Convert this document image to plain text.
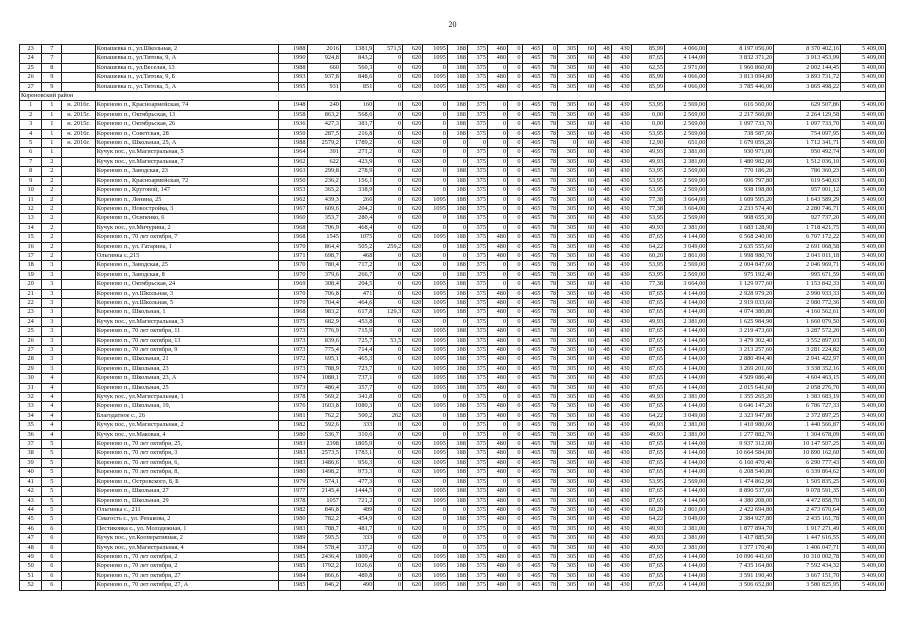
20
23	7		Копашевка п., ул.Школьная, 2	1988	2016	1381,9	571,5	620	1095	188	375	480	0	465	0	305	60	48	430	85,99	4 066,00	8 197 056,00	8 370 402,16	5 409,00
24	7		Копашевка п., ул.Титова, 9, А	1990	924,8	843,2	0	620	1095	188	375	480	0	465	78	305	60	48	430	87,65	4 144,00	3 832 371,20	3 913 453,99	5 409,00
25	8		Копашевка п., ул.Веселая, 13	1988	660	560,3	0	620	0	188	375	0	0	465	78	305	60	48	430	62,55	2 971,00	1 960 860,00	2 002 144,45	5 409,00
26	9		Копашевка п., ул.Титова, 9, Б	1993	937,8	848,6	0	620	1095	188	375	480	0	465	78	305	60	48	430	85,99	4 066,00	3 813 094,80	3 893 731,72	5 409,00
27	9		Копашевка п., ул.Титова, 5, А	1995	931	851	0	620	1095	188	375	480	0	465	78	305	60	48	430	85,99	4 066,00	3 785 446,00	3 865 498,22	5 409,00
Кореновский район																								
1	1	н. 2016г.	Кореново п., Красноармейская, 74	1948	240	160	0	620	0	188	375	0	0	465	78	305	60	48	430	53,95	2 569,00	616 560,00	629 507,86	5 409,00
2	1	н. 2015г.	Кореново п., Октябрьская, 13	1958	863,2	568,6	0	620	0	188	375	0	0	465	78	305	60	48	430	0,00	2 569,00	2 217 560,80	2 264 129,58	5 409,00
3	1	н. 2015г.	Кореново п., Октябрьская, 26	1936	427,3	381,7	0	620	0	188	375	0	0	465	78	305	60	48	430	0,00	2 569,00	1 097 733,70	1 097 733,70	5 409,00
4	1	н. 2016г.	Кореново п., Советская, 28	1950	287,5	216,8	0	620	0	188	375	0	0	465	78	305	60	48	430	53,95	2 569,00	738 587,50	754 097,95	5 409,00
5	1	н. 2016г.	Кореново п., Школьная, 25, А	1988	2579,2	1789,2	0	620	0	0	0	0	0	465	78	0	60	48	430	12,90	651,00	1 679 059,20	1 712 341,71	5 409,00
6	1		Кучук пос., ул.Магистральная, 5	1964	391	271,2	0	620	0	0	375	0	0	465	78	305	60	48	430	49,93	2 381,00	930 971,00	950 492,74	5 409,00
7	2		Кучук пос., ул.Магистральная, 7	1962	622	423,9	0	620	0	0	375	0	0	465	78	305	60	48	430	49,93	2 381,00	1 480 982,00	1 512 036,10	5 409,00
8	2		Кореново п., Заводская, 23	1963	299,8	278,9	0	620	0	188	375	0	0	465	78	305	60	48	430	53,95	2 569,00	770 186,20	786 360,23	5 409,00
9	2		Кореново п., Красноармейская, 72	1950	236,2	156,1	0	620	0	188	375	0	0	465	78	305	60	48	430	53,95	2 569,00	606 797,80	619 540,63	5 409,00
10	2		Кореново п., Круговой, 147	1953	365,2	338,9	0	620	0	188	375	0	0	465	78	305	60	48	430	53,95	2 569,00	938 198,80	957 901,12	5 409,00
11	2		Кореново п., Ленина, 25	1962	439,3	266	0	620	1095	188	375	0	0	465	78	305	60	48	430	77,38	3 664,00	1 609 595,20	1 643 589,29	5 409,00
12	2		Кореново п., Новостройка, 3	1967	609,6	204,2	0	620	1095	188	375	0	0	465	78	305	60	48	430	77,38	3 664,00	2 233 574,40	2 280 746,71	5 409,00
13	2		Кореново п., Осипенко, 6	1960	353,7	280,4	0	620	0	188	375	0	0	465	78	305	60	48	430	53,95	2 569,00	908 655,30	927 737,20	5 409,00
14	2		Кучук пос., ул.Мичурина, 2	1968	706,9	468,4	0	620	0	0	375	0	0	465	78	305	60	48	430	49,93	2 381,00	1 683 128,90	1 718 421,75	5 409,00
15	2		Кореново п., 70 лет октября, 7	1968	1545	1075	0	620	1095	188	375	480	0	465	78	305	60	48	430	87,65	4 144,00	6 568 240,00	6 707 172,22	5 409,00
16	2		Кореново п., ул. Гагарина, 1	1970	864,4	505,2	259,2	620	0	188	375	480	0	465	78	305	60	48	430	64,22	3 049,00	2 635 555,60	2 691 068,58	5 409,00
17	2		Ольгинка с.,215	1971	698,7	468	0	620	0	0	375	480	0	465	78	305	60	48	430	60,20	2 861,00	1 998 980,70	2 041 011,18	5 409,00
18	3		Кореново п., Заводская, 25	1970	780,4	717,2	0	620	0	188	375	0	0	465	78	305	60	48	430	53,95	2 569,00	2 004 847,60	2 046 969,71	5 409,00
19	3		Кореново п., Заводская, 8	1970	379,6	266,7	0	620	0	188	375	0	0	465	78	305	60	48	430	53,95	2 569,00	975 192,40	995 671,59	5 409,00
20	3		Кореново п., Октябрьская, 24	1969	308,4	204,5	0	620	1095	188	375	0	0	465	78	305	60	48	430	77,38	3 664,00	1 129 977,60	1 153 842,33	5 409,00
21	3		Кореново п., ул.Школьная, 3	1970	706,8	471	0	620	1095	188	375	480	0	465	78	305	60	48	430	87,65	4 144,00	2 928 979,20	2 990 933,33	5 409,00
22	3		Кореново п., ул.Школьная, 5	1970	704,4	464,6	0	620	1095	188	375	480	0	465	78	305	60	48	430	87,65	4 144,00	2 919 033,60	2 980 772,36	5 409,00
23	3		Кореново п., Школьная, 1	1968	983,2	617,8	129,3	620	1095	188	375	480	0	465	78	305	60	48	430	87,65	4 144,00	4 074 380,80	4 160 562,61	5 409,00
24	3		Кучук пос., ул.Магистральная, 3	1975	682,9	453,8	0	620	0	0	375	0	0	465	78	305	60	48	430	49,93	2 381,00	1 625 984,90	1 660 079,50	5 409,00
25	3		Кореново п., 70 лет октября, 11	1973	776,9	715,9	0	620	1095	188	375	480	0	465	78	305	60	48	430	87,65	4 144,00	3 219 473,60	3 287 572,20	5 409,00
26	3		Кореново п., 70 лет октября, 13	1973	839,6	725,7	53,5	620	1095	188	375	480	0	465	78	305	60	48	430	87,65	4 144,00	3 479 302,40	3 552 897,03	5 409,00
27	3		Кореново п., 70 лет октября, 9	1973	775,4	714,4	0	620	1095	188	375	480	0	465	78	305	60	48	430	87,65	4 144,00	3 213 257,60	3 281 224,82	5 409,00
28	3		Кореново п., Школьная, 21	1972	695,1	465,3	0	620	1095	188	375	480	0	465	78	305	60	48	430	87,65	4 144,00	2 880 494,40	2 941 422,97	5 409,00
29	3		Кореново п., Школьная, 23	1973	788,9	723,7	0	620	1095	188	375	480	0	465	78	305	60	48	430	87,65	4 144,00	3 269 201,60	3 338 352,16	5 409,00
30	4		Кореново п., Школьная, 23, А	1974	1088,1	737,1	0	620	1095	188	375	480	0	465	78	305	60	48	430	87,65	4 144,00	4 509 086,40	4 604 463,15	5 409,00
31	4		Кореново п., Школьная, 25	1973	486,4	357,7	0	620	1095	188	375	480	0	465	78	305	60	48	430	87,65	4 144,00	2 015 641,60	2 058 276,70	5 409,00
32	4		Кучук пос., ул.Магистральная, 1	1978	569,2	341,8	0	620	0	0	375	0	0	465	78	305	60	48	430	49,93	2 381,00	1 355 265,20	1 383 683,19	5 409,00
33	4		Кореново п., Школьная, 19,	1976	1603,8	1080,3	0	620	1095	188	375	480	0	465	78	305	60	48	430	87,65	4 144,00	6 646 147,20	6 786 727,33	5 409,00
34	4		Благодатное с., 26	1981	762,2	500,2	262	620	0	188	375	480	0	465	78	305	60	48	430	64,22	3 049,00	2 323 947,80	2 372 897,25	5 409,00
35	4		Кучук пос., ул.Магистральная, 2	1982	592,6	333	0	620	0	0	375	0	0	465	78	305	60	48	430	49,93	2 381,00	1 410 980,60	1 440 566,87	5 409,00
36	4		Кучук пос., ул.Маковая, 4	1980	536,7	310,6	0	620	0	0	375	0	0	465	78	305	60	48	430	49,93	2 381,00	1 277 882,70	1 304 678,09	5 409,00
37	5		Кореново п., 70 лет октября, 25,	1983	2398	1805,9	0	620	1095	188	375	480	0	465	78	305	60	48	430	87,65	4 144,00	9 937 312,00	10 147 507,25	5 409,00
38	5		Кореново п., 70 лет октября, 3	1983	2573,5	1783,1	0	620	1095	188	375	480	0	465	78	305	60	48	430	87,65	4 144,00	10 664 584,00	10 890 162,60	5 409,00
39	5		Кореново п., 70 лет октября, 6,	1983	1486,6	956,3	0	620	1095	188	375	480	0	465	78	305	60	48	430	87,65	4 144,00	6 160 470,40	6 290 777,43	5 409,00
40	5		Кореново п., 70 лет октября, 8,	1980	1498,2	973,3	0	620	1095	188	375	480	0	465	78	305	60	48	430	87,65	4 144,00	6 208 540,80	6 339 864,62	5 409,00
41	5		Кореново п., Островского, 8, Б	1979	574,1	477,3	0	620	0	188	375	0	0	465	78	305	60	48	430	53,95	2 569,00	1 474 862,90	1 505 835,25	5 409,00
42	5		Кореново п., Школьная, 27	1977	2145,4	1444,5	0	620	1095	188	375	480	0	465	78	305	60	48	430	87,65	4 144,00	8 890 537,60	9 078 591,35	5 409,00
43	5		Кореново п., Школьная, 29	1978	1057	721,2	0	620	1095	188	375	480	0	465	78	305	60	48	430	87,65	4 144,00	4 380 208,00	4 472 858,70	5 409,00
44	5		Ольгинка с., 211	1982	846,8	489	0	620	0	0	375	480	0	465	78	305	60	48	430	60,20	2 861,00	2 422 694,80	2 473 670,64	5 409,00
45	5		Смагость с., ул. Репакова, 2	1980	782,2	454,9	0	620	0	188	375	480	0	465	78	305	60	48	430	64,22	3 049,00	2 384 927,80	2 435 161,78	5 409,00
46	6		Пестиковка с., ул. Молодежная, 1	1983	788,7	481,7	0	620	0	0	375	0	0	465	78	305	60	48	430	49,93	2 381,00	1 877 894,70	1 917 271,49	5 409,00
47	6		Кучук пос., ул.Кооперативная, 2	1989	595,5	333	0	620	0	0	375	0	0	465	78	305	60	48	430	49,93	2 381,00	1 417 885,50	1 447 616,55	5 409,00
48	6		Кучук пос., ул.Магистральная, 4	1984	578,4	337,2	0	620	0	0	375	0	0	465	78	305	60	48	430	49,93	2 381,00	1 377 170,40	1 406 047,71	5 409,00
49	6		Кореново п., 70 лет октября, 2	1985	2436,4	1809,4	0	620	1095	188	375	480	0	465	78	305	60	48	430	87,65	4 144,00	10 096 441,60	10 310 002,78	5 409,00
50	6		Кореново п., 70 лет октября, 2	1985	1792,2	1026,6	0	620	1095	188	375	480	0	465	78	305	60	48	430	87,65	4 144,00	7 435 164,80	7 592 434,32	5 409,00
51	6		Кореново п., 70 лет октября, 27	1984	866,6	489,8	0	620	1095	188	375	480	0	465	78	305	60	48	430	87,65	4 144,00	3 591 190,40	3 667 151,70	5 409,00
52	6		Кореново п., 70 лет октября, 27, А	1985	846,2	490	0	620	1095	188	375	480	0	465	78	305	60	48	430	87,65	4 144,00	3 506 652,80	3 580 825,95	5 409,00
